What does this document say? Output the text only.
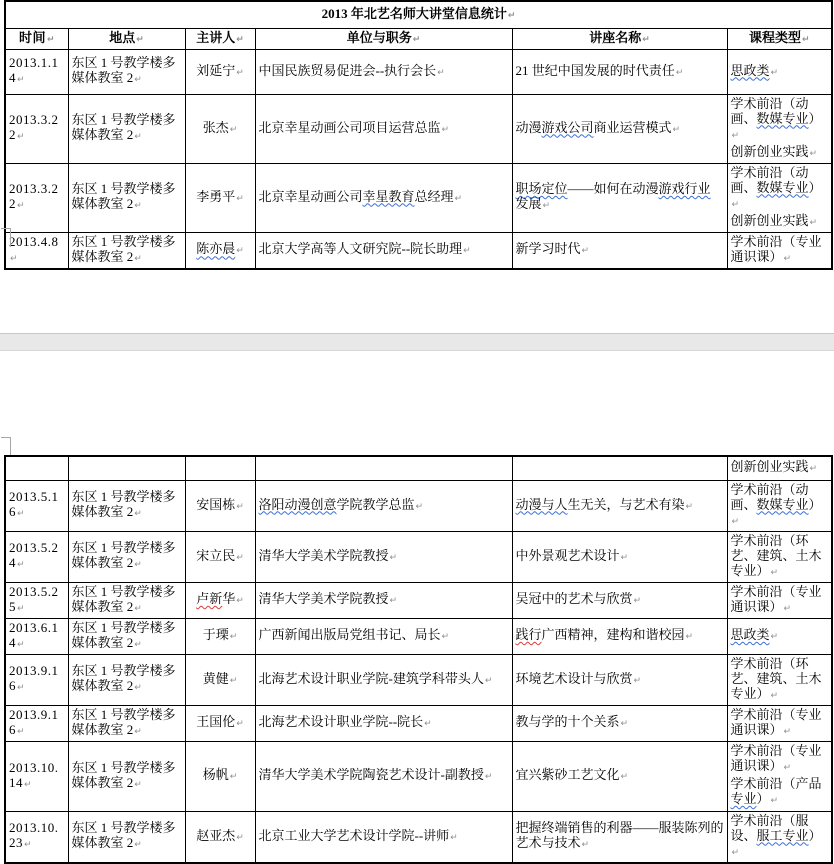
2013 年北艺名师大讲堂信息统计↵					

时间↵	地点↵	主讲人↵	单位与职务↵	讲座名称↵	课程类型↵

2013.1.14↵	东区 1 号教学楼多媒体教室 2↵	刘延宁↵	中国民族贸易促进会--执行会长↵	21 世纪中国发展的时代责任↵	思政类↵

2013.3.22↵	东区 1 号教学楼多媒体教室 2↵	张杰↵	北京幸星动画公司项目运营总监↵	动漫游戏公司商业运营模式↵	学术前沿（动画、数媒专业）↵
创新创业实践↵

2013.3.22↵	东区 1 号教学楼多媒体教室 2↵	李勇平↵	北京幸星动画公司幸星教育总经理↵	职场定位——如何在动漫游戏行业发展↵	学术前沿（动画、数媒专业）↵
创新创业实践↵

2013.4.8↵	东区 1 号教学楼多媒体教室 2↵	陈亦晨↵	北京大学高等人文研究院--院长助理↵	新学习时代↵	学术前沿（专业通识课）↵

					创新创业实践↵

2013.5.16↵	东区 1 号教学楼多媒体教室 2↵	安国栋↵	洛阳动漫创意学院教学总监↵	动漫与人生无关，与艺术有染↵	学术前沿（动画、数媒专业）↵

2013.5.24↵	东区 1 号教学楼多媒体教室 2↵	宋立民↵	清华大学美术学院教授↵	中外景观艺术设计↵	学术前沿（环艺、建筑、土木专业）↵

2013.5.25↵	东区 1 号教学楼多媒体教室 2↵	卢新华↵	清华大学美术学院教授↵	吴冠中的艺术与欣赏↵	学术前沿（专业通识课）↵

2013.6.14↵	东区 1 号教学楼多媒体教室 2↵	于瑮↵	广西新闻出版局党组书记、局长↵	践行广西精神，建构和谐校园↵	思政类↵

2013.9.16↵	东区 1 号教学楼多媒体教室 2↵	黄健↵	北海艺术设计职业学院-建筑学科带头人↵	环境艺术设计与欣赏↵	学术前沿（环艺、建筑、土木专业）↵

2013.9.16↵	东区 1 号教学楼多媒体教室 2↵	王国伦↵	北海艺术设计职业学院--院长↵	教与学的十个关系↵	学术前沿（专业通识课）↵

2013.10.14↵	东区 1 号教学楼多媒体教室 2↵	杨帆↵	清华大学美术学院陶瓷艺术设计-副教授↵	宜兴紫砂工艺文化↵	学术前沿（专业通识课）↵
学术前沿（产品专业）↵

2013.10.23↵	东区 1 号教学楼多媒体教室 2↵	赵亚杰↵	北京工业大学艺术设计学院--讲师↵	把握终端销售的利器——服装陈列的艺术与技术↵	学术前沿（服设、服工专业）↵
